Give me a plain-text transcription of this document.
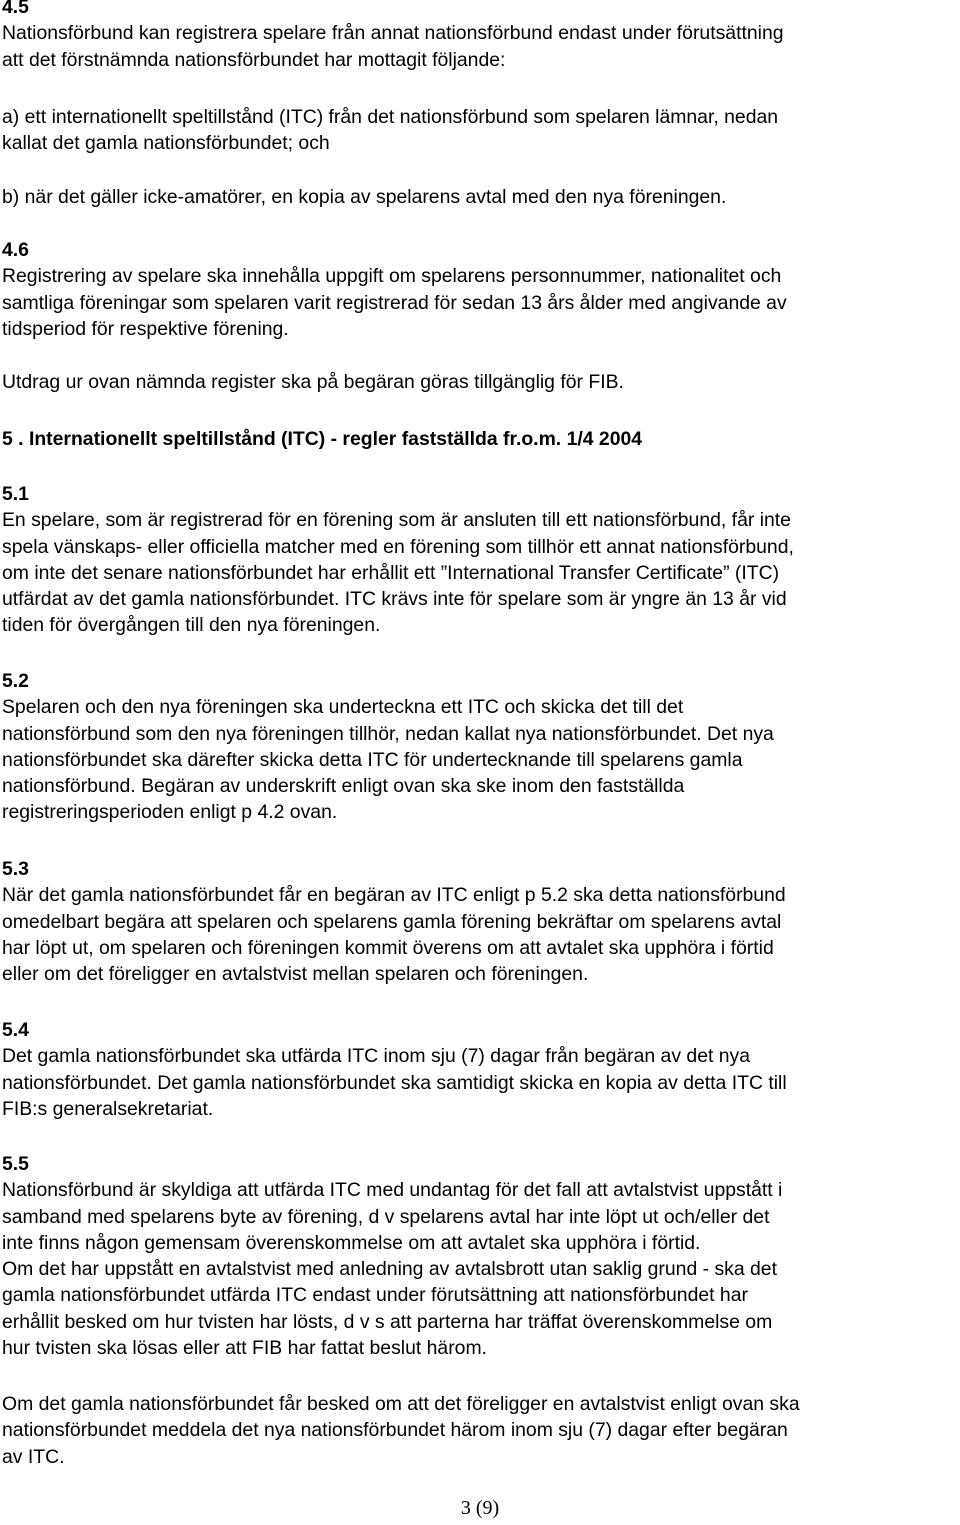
4.5
Nationsförbund kan registrera spelare från annat nationsförbund endast under förutsättning
att det förstnämnda nationsförbundet har mottagit följande:
a) ett internationellt speltillstånd (ITC) från det nationsförbund som spelaren lämnar, nedan
kallat det gamla nationsförbundet; och
b) när det gäller icke-amatörer, en kopia av spelarens avtal med den nya föreningen.
4.6
Registrering av spelare ska innehålla uppgift om spelarens personnummer, nationalitet och
samtliga föreningar som spelaren varit registrerad för sedan 13 års ålder med angivande av
tidsperiod för respektive förening.
Utdrag ur ovan nämnda register ska på begäran göras tillgänglig för FIB.
5 . Internationellt speltillstånd (ITC) - regler fastställda fr.o.m. 1/4 2004
5.1
En spelare, som är registrerad för en förening som är ansluten till ett nationsförbund, får inte
spela vänskaps- eller officiella matcher med en förening som tillhör ett annat nationsförbund,
om inte det senare nationsförbundet har erhållit ett ”International Transfer Certificate” (ITC)
utfärdat av det gamla nationsförbundet. ITC krävs inte för spelare som är yngre än 13 år vid
tiden för övergången till den nya föreningen.
5.2
Spelaren och den nya föreningen ska underteckna ett ITC och skicka det till det
nationsförbund som den nya föreningen tillhör, nedan kallat nya nationsförbundet. Det nya
nationsförbundet ska därefter skicka detta ITC för undertecknande till spelarens gamla
nationsförbund. Begäran av underskrift enligt ovan ska ske inom den fastställda
registreringsperioden enligt p 4.2 ovan.
5.3
När det gamla nationsförbundet får en begäran av ITC enligt p 5.2 ska detta nationsförbund
omedelbart begära att spelaren och spelarens gamla förening bekräftar om spelarens avtal
har löpt ut, om spelaren och föreningen kommit överens om att avtalet ska upphöra i förtid
eller om det föreligger en avtalstvist mellan spelaren och föreningen.
5.4
Det gamla nationsförbundet ska utfärda ITC inom sju (7) dagar från begäran av det nya
nationsförbundet. Det gamla nationsförbundet ska samtidigt skicka en kopia av detta ITC till
FIB:s generalsekretariat.
5.5
Nationsförbund är skyldiga att utfärda ITC med undantag för det fall att avtalstvist uppstått i
samband med spelarens byte av förening, d v spelarens avtal har inte löpt ut och/eller det
inte finns någon gemensam överenskommelse om att avtalet ska upphöra i förtid.
Om det har uppstått en avtalstvist med anledning av avtalsbrott utan saklig grund - ska det
gamla nationsförbundet utfärda ITC endast under förutsättning att nationsförbundet har
erhållit besked om hur tvisten har lösts, d v s att parterna har träffat överenskommelse om
hur tvisten ska lösas eller att FIB har fattat beslut härom.
Om det gamla nationsförbundet får besked om att det föreligger en avtalstvist enligt ovan ska
nationsförbundet meddela det nya nationsförbundet härom inom sju (7) dagar efter begäran
av ITC.
3 (9)
